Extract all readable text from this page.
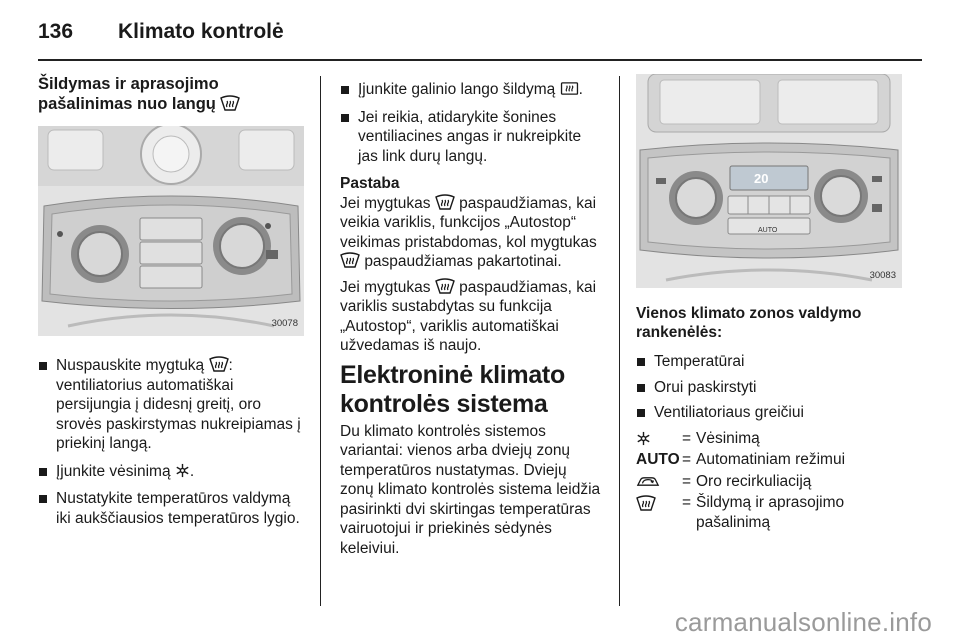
136	Klimato kontrolė
Šildymas ir aprasojimo
pašalinimas nuo langų
30078
Nuspauskite mygtuką : ventiliatorius automatiškai persijungia į didesnį greitį, oro srovės paskirstymas nukreipiamas į priekinį langą.
Įjunkite vėsinimą .
Nustatykite temperatūros valdymą iki aukščiausios temperatūros lygio.
Įjunkite galinio lango šildymą .
Jei reikia, atidarykite šonines ventiliacines angas ir nukreipkite jas link durų langų.

Pastaba

Jei mygtukas paspaudžiamas, kai veikia variklis, funkcijos „Autostop“ veikimas pristabdomas, kol mygtukas  paspaudžiamas pakartotinai.

Jei mygtukas paspaudžiamas, kai variklis sustabdytas su funkcija „Autostop“, variklis automatiškai užvedamas iš naujo.

Elektroninė klimato
kontrolės sistema

Du klimato kontrolės sistemos variantai: vienos arba dviejų zonų temperatūros nustatymas. Dviejų zonų klimato kontrolės sistema leidžia pasirinkti dvi skirtingas temperatūras vairuotojui ir priekinės sėdynės keleiviui.

20
AUTO
30083
Vienos klimato zonos valdymo rankenėlės:
Temperatūrai
Orui paskirstyti
Ventiliatoriaus greičiui
= Vėsinimą
AUTO = Automatiniam režimui
= Oro recirkuliaciją
= Šildymą ir aprasojimo pašalinimą
carmanualsonline.info
